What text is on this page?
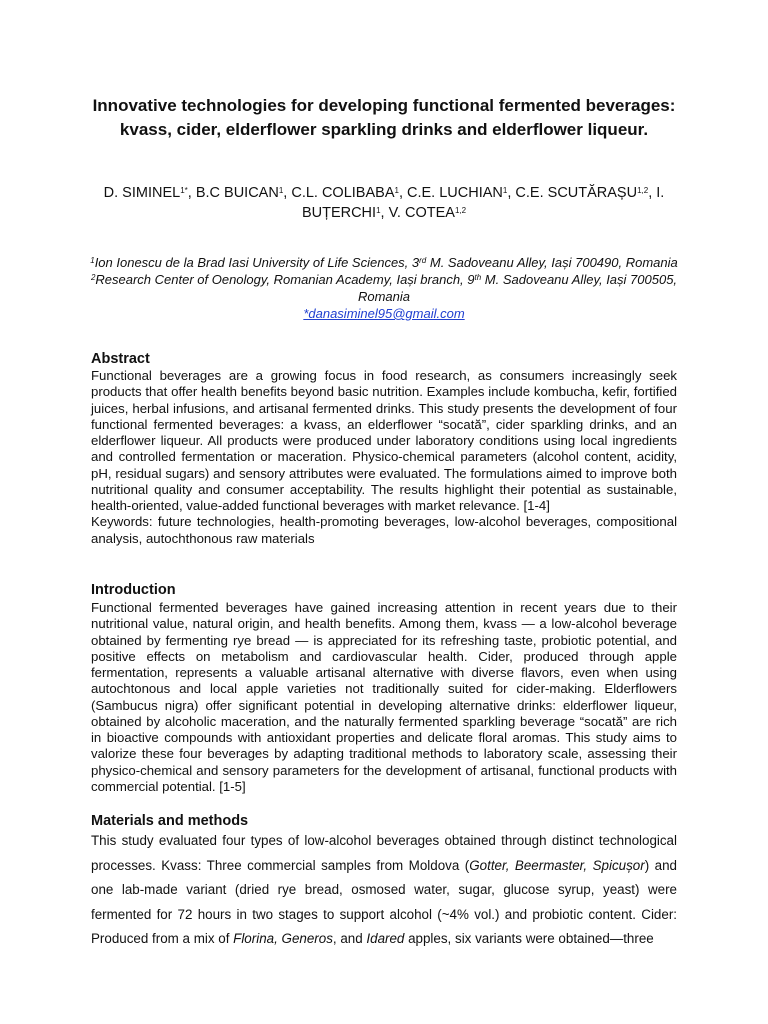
Innovative technologies for developing functional fermented beverages: kvass, cider, elderflower sparkling drinks and elderflower liqueur.
D. $SIMINEL^{1*}$, B.C BUICAN$^1$, C.L. COLIBABA$^1$, C.E. LUCHIAN$^1$, C.E. SCUTĂRAȘU$^{1,2}$, I. BUȚERCHI$^1$, V. COTEA$^{1,2}$
$^1$Ion Ionescu de la Brad Iasi University of Life Sciences, 3rd M. Sadoveanu Alley, Iași 700490, Romania
$^2$Research Center of Oenology, Romanian Academy, Iași branch, 9th M. Sadoveanu Alley, Iași 700505, Romania
*danasiminel95@gmail.com
Abstract

Functional beverages are a growing focus in food research, as consumers increasingly seek products that offer health benefits beyond basic nutrition. Examples include kombucha, kefir, fortified juices, herbal infusions, and artisanal fermented drinks. This study presents the development of four functional fermented beverages: a kvass, an elderflower “socată”, cider sparkling drinks, and an elderflower liqueur. All products were produced under laboratory conditions using local ingredients and controlled fermentation or maceration. Physico-chemical parameters (alcohol content, acidity, pH, residual sugars) and sensory attributes were evaluated. The formulations aimed to improve both nutritional quality and consumer acceptability. The results highlight their potential as sustainable, health-oriented, value-added functional beverages with market relevance. [1-4]

Keywords: future technologies, health-promoting beverages, low-alcohol beverages, compositional analysis, autochthonous raw materials

Introduction

Functional fermented beverages have gained increasing attention in recent years due to their nutritional value, natural origin, and health benefits. Among them, kvass — a low-alcohol beverage obtained by fermenting rye bread — is appreciated for its refreshing taste, probiotic potential, and positive effects on metabolism and cardiovascular health. Cider, produced through apple fermentation, represents a valuable artisanal alternative with diverse flavors, even when using autochtonous and local apple varieties not traditionally suited for cider-making. Elderflowers (Sambucus nigra) offer significant potential in developing alternative drinks: elderflower liqueur, obtained by alcoholic maceration, and the naturally fermented sparkling beverage “socată” are rich in bioactive compounds with antioxidant properties and delicate floral aromas. This study aims to valorize these four beverages by adapting traditional methods to laboratory scale, assessing their physico-chemical and sensory parameters for the development of artisanal, functional products with commercial potential. [1-5]

Materials and methods

This study evaluated four types of low-alcohol beverages obtained through distinct technological processes. Kvass: Three commercial samples from Moldova (Gotter, Beermaster, Spicușor) and one lab-made variant (dried rye bread, osmosed water, sugar, glucose syrup, yeast) were fermented for 72 hours in two stages to support alcohol (~4% vol.) and probiotic content. Cider: Produced from a mix of Florina, Generos, and Idared apples, six variants were obtained—three
